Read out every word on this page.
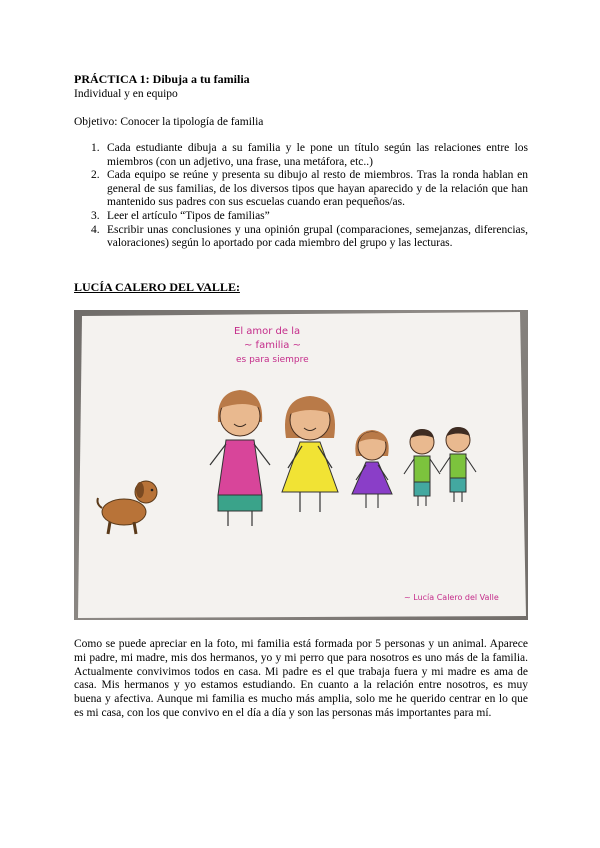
PRÁCTICA 1: Dibuja a tu familia

Individual y en equipo
Objetivo: Conocer la tipología de familia
1. Cada estudiante dibuja a su familia y le pone un título según las relaciones entre los miembros (con un adjetivo, una frase, una metáfora, etc..)
2. Cada equipo se reúne y presenta su dibujo al resto de miembros. Tras la ronda hablan en general de sus familias, de los diversos tipos que hayan aparecido y de la relación que han mantenido sus padres con sus escuelas cuando eran pequeños/as.
3. Leer el artículo “Tipos de familias”
4. Escribir unas conclusiones y una opinión grupal (comparaciones, semejanzas, diferencias, valoraciones) según lo aportado por cada miembro del grupo y las lecturas.

LUCÍA CALERO DEL VALLE:

El amor de la
~ familia ~
es para siempre
~ Lucía Calero del Valle

Como se puede apreciar en la foto, mi familia está formada por 5 personas y un animal. Aparece mi padre, mi madre, mis dos hermanos, yo y mi perro que para nosotros es uno más de la familia. Actualmente convivimos todos en casa. Mi padre es el que trabaja fuera y mi madre es ama de casa. Mis hermanos y yo estamos estudiando. En cuanto a la relación entre nosotros, es muy buena y afectiva. Aunque mi familia es mucho más amplia, solo me he querido centrar en lo que es mi casa, con los que convivo en el día a día y son las personas más importantes para mí.
